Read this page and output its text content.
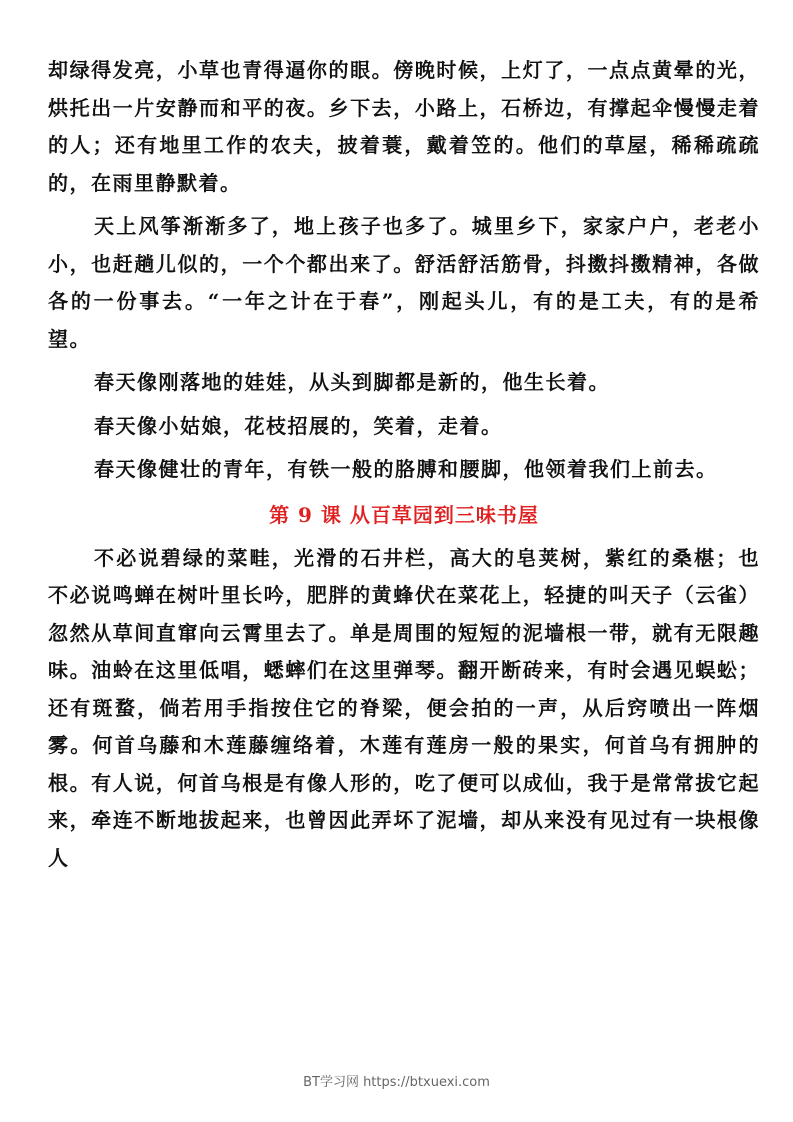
却绿得发亮，小草也青得逼你的眼。傍晚时候，上灯了，一点点黄晕的光，烘托出一片安静而和平的夜。乡下去，小路上，石桥边，有撑起伞慢慢走着的人；还有地里工作的农夫，披着蓑，戴着笠的。他们的草屋，稀稀疏疏的，在雨里静默着。

天上风筝渐渐多了，地上孩子也多了。城里乡下，家家户户，老老小小，也赶趟儿似的，一个个都出来了。舒活舒活筋骨，抖擞抖擞精神，各做各的一份事去。“一年之计在于春”，刚起头儿，有的是工夫，有的是希望。

春天像刚落地的娃娃，从头到脚都是新的，他生长着。

春天像小姑娘，花枝招展的，笑着，走着。

春天像健壮的青年，有铁一般的胳膊和腰脚，他领着我们上前去。

第 9 课 从百草园到三味书屋

不必说碧绿的菜畦，光滑的石井栏，高大的皂荚树，紫红的桑椹；也不必说鸣蝉在树叶里长吟，肥胖的黄蜂伏在菜花上，轻捷的叫天子（云雀）忽然从草间直窜向云霄里去了。单是周围的短短的泥墙根一带，就有无限趣味。油蛉在这里低唱，蟋蟀们在这里弹琴。翻开断砖来，有时会遇见蜈蚣；还有斑蝥，倘若用手指按住它的脊梁，便会拍的一声，从后窍喷出一阵烟雾。何首乌藤和木莲藤缠络着，木莲有莲房一般的果实，何首乌有拥肿的根。有人说，何首乌根是有像人形的，吃了便可以成仙，我于是常常拔它起来，牵连不断地拔起来，也曾因此弄坏了泥墙，却从来没有见过有一块根像人

BT学习网 https://btxuexi.com
